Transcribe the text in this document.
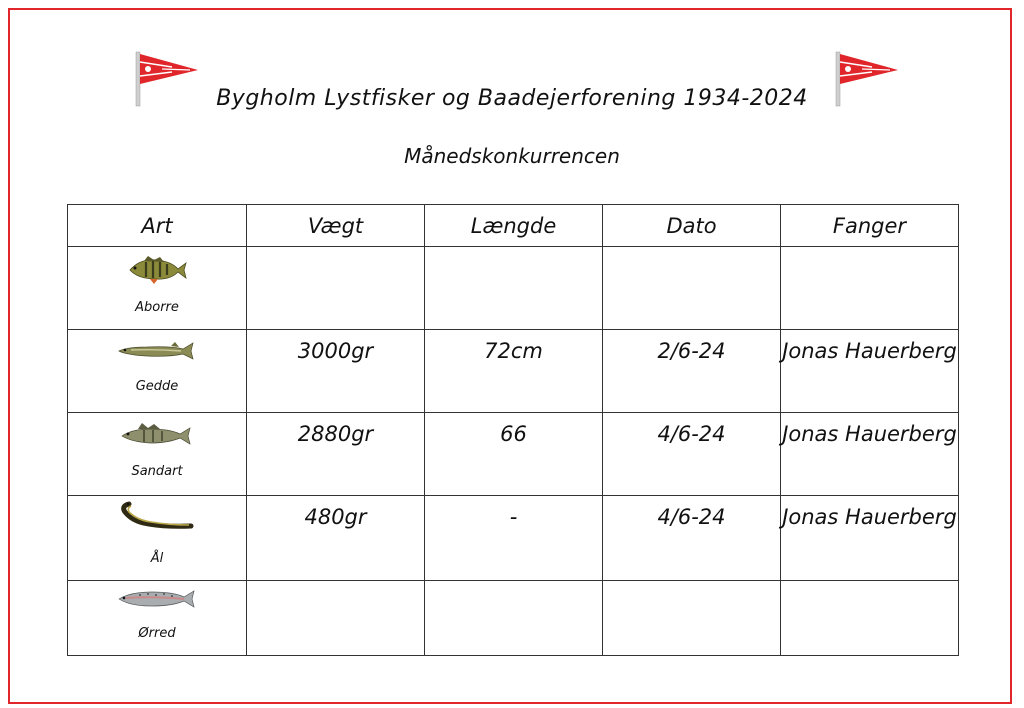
Bygholm Lystfisker og Baadejerforening 1934-2024
Månedskonkurrencen
Art	Vægt	Længde	Dato	Fanger

Aborre				

Gedde	3000gr	72cm	2/6-24	Jonas Hauerberg

Sandart	2880gr	66	4/6-24	Jonas Hauerberg

Ål	480gr	-	4/6-24	Jonas Hauerberg

Ørred				
